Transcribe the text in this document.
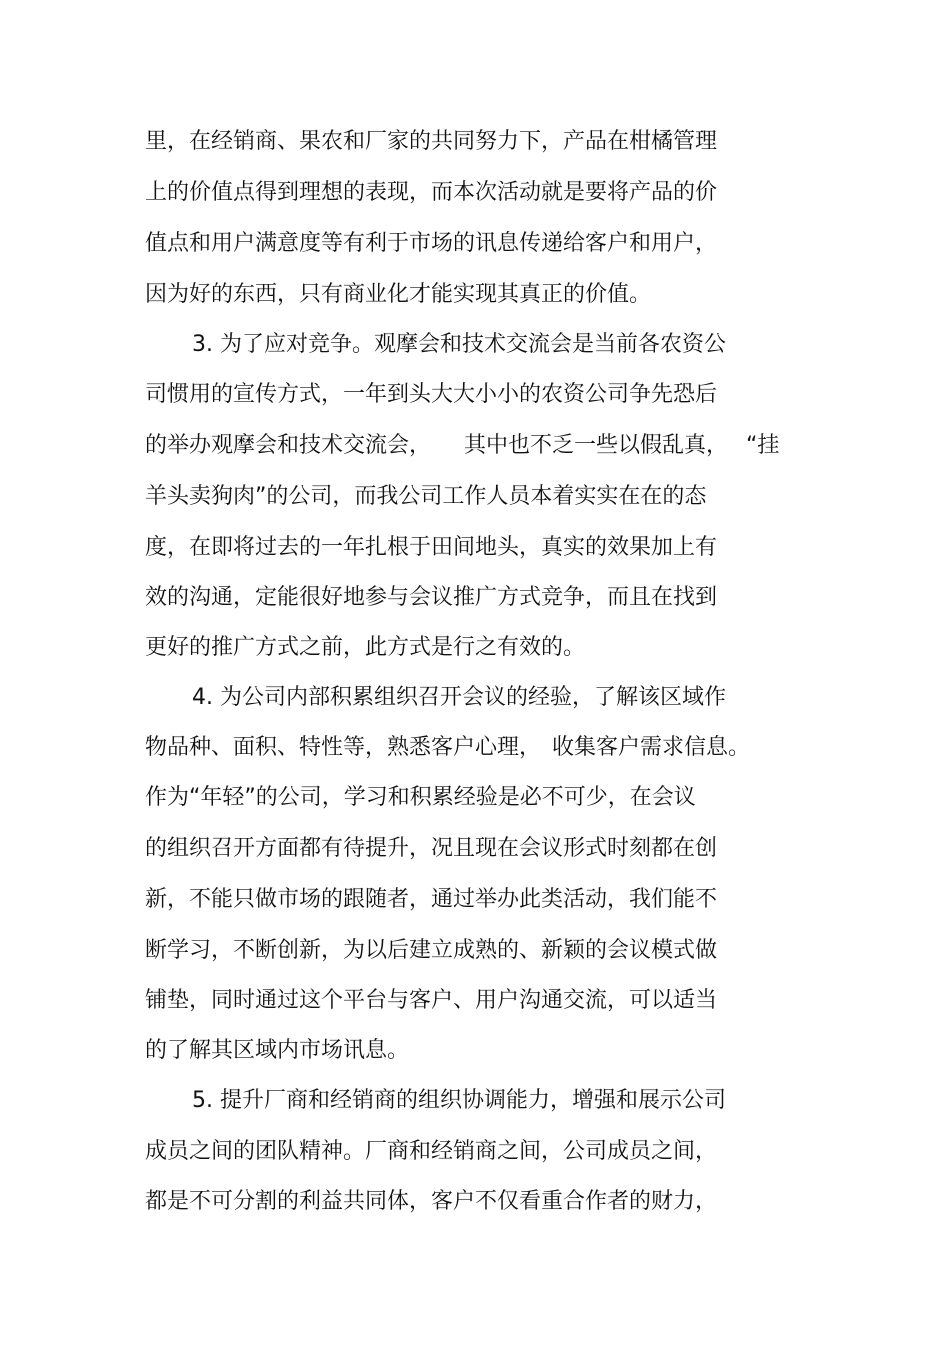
里，在经销商、果农和厂家的共同努力下，产品在柑橘管理
上的价值点得到理想的表现，而本次活动就是要将产品的价
值点和用户满意度等有利于市场的讯息传递给客户和用户，
因为好的东西，只有商业化才能实现其真正的价值。
3. 为了应对竞争。观摩会和技术交流会是当前各农资公
司惯用的宣传方式，一年到头大大小小的农资公司争先恐后
的举办观摩会和技术交流会，　　其中也不乏一些以假乱真，　 “挂
羊头卖狗肉”的公司，而我公司工作人员本着实实在在的态
度，在即将过去的一年扎根于田间地头，真实的效果加上有
效的沟通，定能很好地参与会议推广方式竞争，而且在找到
更好的推广方式之前，此方式是行之有效的。
4. 为公司内部积累组织召开会议的经验，了解该区域作
物品种、面积、特性等，熟悉客户心理，　收集客户需求信息。
作为“年轻”的公司，学习和积累经验是必不可少，在会议
的组织召开方面都有待提升，况且现在会议形式时刻都在创
新，不能只做市场的跟随者，通过举办此类活动，我们能不
断学习，不断创新，为以后建立成熟的、新颖的会议模式做
铺垫，同时通过这个平台与客户、用户沟通交流，可以适当
的了解其区域内市场讯息。
5. 提升厂商和经销商的组织协调能力，增强和展示公司
成员之间的团队精神。厂商和经销商之间，公司成员之间，
都是不可分割的利益共同体，客户不仅看重合作者的财力，
